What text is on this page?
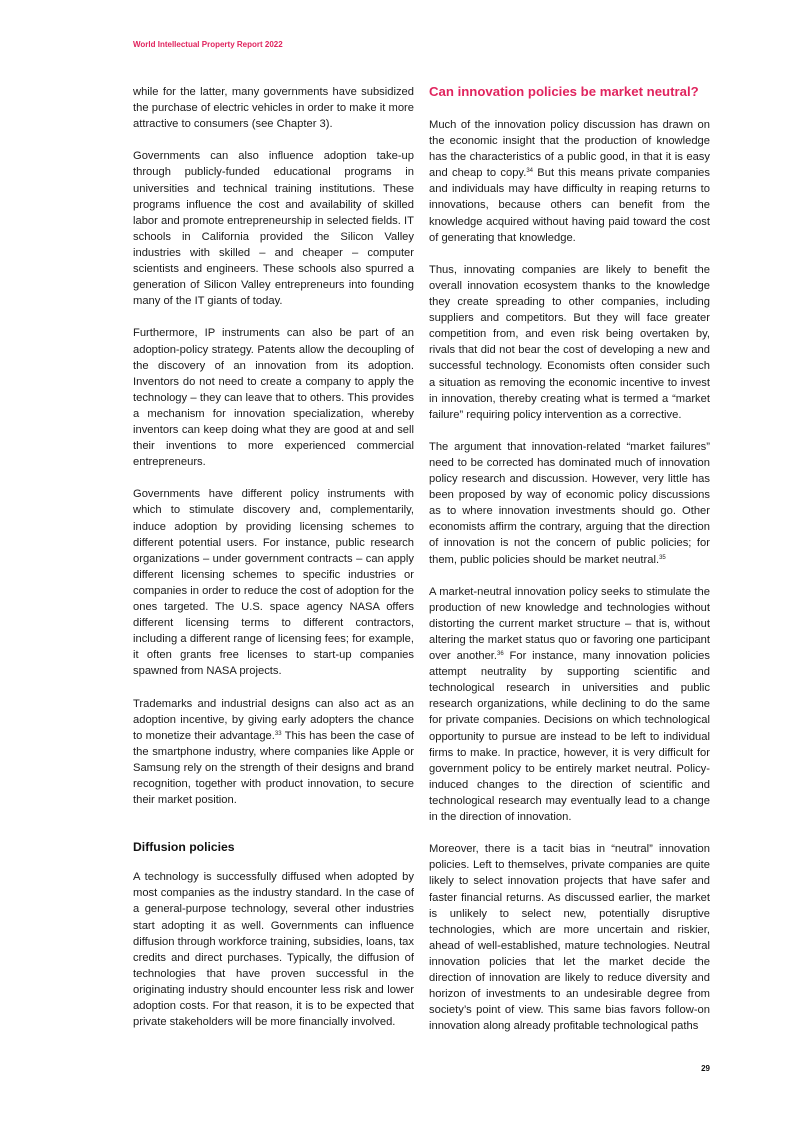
World Intellectual Property Report 2022

while for the latter, many governments have subsidized the purchase of electric vehicles in order to make it more attractive to consumers (see Chapter 3).

Governments can also influence adoption take-up through publicly-funded educational programs in universities and technical training institutions. These programs influence the cost and availability of skilled labor and promote entrepreneurship in selected fields. IT schools in California provided the Silicon Valley industries with skilled – and cheaper – computer scientists and engineers. These schools also spurred a generation of Silicon Valley entrepreneurs into founding many of the IT giants of today.

Furthermore, IP instruments can also be part of an adoption-policy strategy. Patents allow the decoupling of the discovery of an innovation from its adoption. Inventors do not need to create a company to apply the technology – they can leave that to others. This provides a mechanism for innovation specialization, whereby inventors can keep doing what they are good at and sell their inventions to more experienced commercial entrepreneurs.

Governments have different policy instruments with which to stimulate discovery and, complementarily, induce adoption by providing licensing schemes to different potential users. For instance, public research organizations – under government contracts – can apply different licensing schemes to specific industries or companies in order to reduce the cost of adoption for the ones targeted. The U.S. space agency NASA offers different licensing terms to different contractors, including a different range of licensing fees; for example, it often grants free licenses to start-up companies spawned from NASA projects.

Trademarks and industrial designs can also act as an adoption incentive, by giving early adopters the chance to monetize their advantage.$^{33}$ This has been the case of the smartphone industry, where companies like Apple or Samsung rely on the strength of their designs and brand recognition, together with product innovation, to secure their market position.

Diffusion policies

A technology is successfully diffused when adopted by most companies as the industry standard. In the case of a general-purpose technology, several other industries start adopting it as well. Governments can influence diffusion through workforce training, subsidies, loans, tax credits and direct purchases. Typically, the diffusion of technologies that have proven successful in the originating industry should encounter less risk and lower adoption costs. For that reason, it is to be expected that private stakeholders will be more financially involved.

Can innovation policies be market neutral?

Much of the innovation policy discussion has drawn on the economic insight that the production of knowledge has the characteristics of a public good, in that it is easy and cheap to copy.$^{34}$ But this means private companies and individuals may have difficulty in reaping returns to innovations, because others can benefit from the knowledge acquired without having paid toward the cost of generating that knowledge.

Thus, innovating companies are likely to benefit the overall innovation ecosystem thanks to the knowledge they create spreading to other companies, including suppliers and competitors. But they will face greater competition from, and even risk being overtaken by, rivals that did not bear the cost of developing a new and successful technology. Economists often consider such a situation as removing the economic incentive to invest in innovation, thereby creating what is termed a “market failure” requiring policy intervention as a corrective.

The argument that innovation-related “market failures” need to be corrected has dominated much of innovation policy research and discussion. However, very little has been proposed by way of economic policy discussions as to where innovation investments should go. Other economists affirm the contrary, arguing that the direction of innovation is not the concern of public policies; for them, public policies should be market neutral.$^{35}$

A market-neutral innovation policy seeks to stimulate the production of new knowledge and technologies without distorting the current market structure – that is, without altering the market status quo or favoring one participant over another.$^{36}$ For instance, many innovation policies attempt neutrality by supporting scientific and technological research in universities and public research organizations, while declining to do the same for private companies. Decisions on which technological opportunity to pursue are instead to be left to individual firms to make. In practice, however, it is very difficult for government policy to be entirely market neutral. Policy-induced changes to the direction of scientific and technological research may eventually lead to a change in the direction of innovation.

Moreover, there is a tacit bias in “neutral” innovation policies. Left to themselves, private companies are quite likely to select innovation projects that have safer and faster financial returns. As discussed earlier, the market is unlikely to select new, potentially disruptive technologies, which are more uncertain and riskier, ahead of well-established, mature technologies. Neutral innovation policies that let the market decide the direction of innovation are likely to reduce diversity and horizon of investments to an undesirable degree from society’s point of view. This same bias favors follow-on innovation along already profitable technological paths

29
